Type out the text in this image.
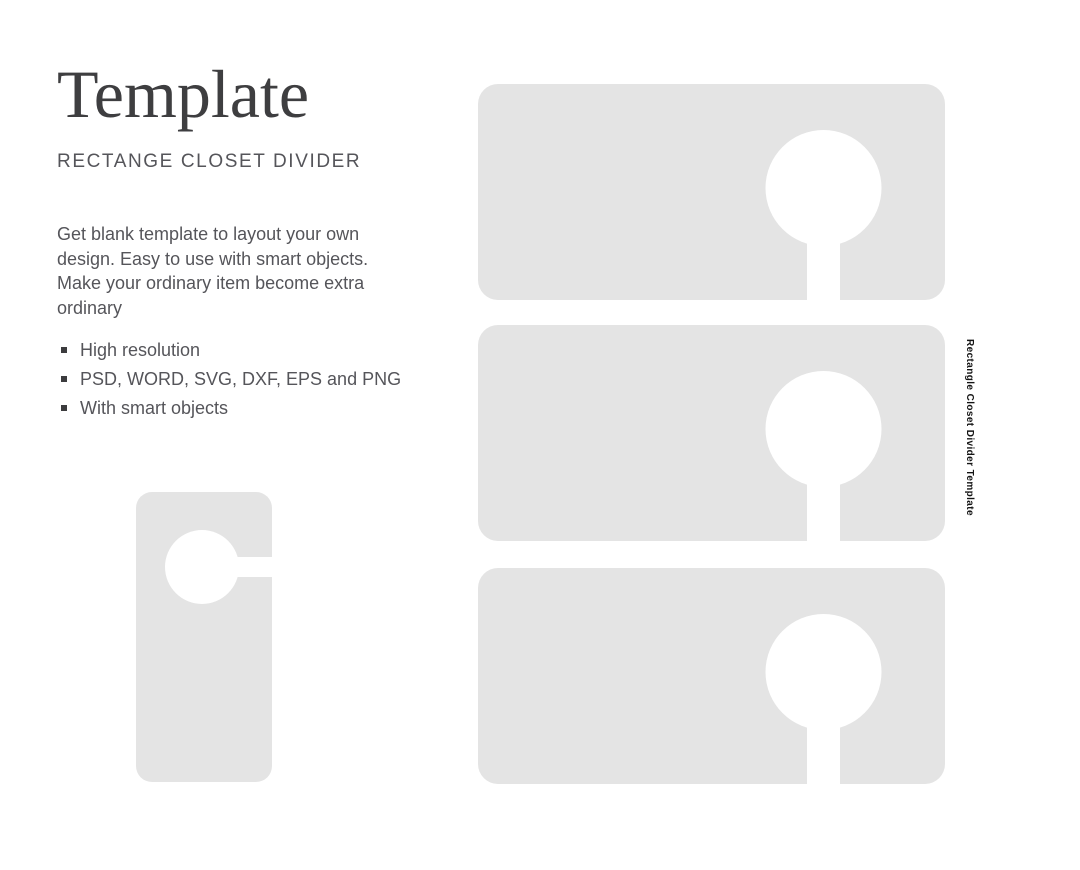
Template
RECTANGE CLOSET DIVIDER

Get blank template to layout your own design. Easy to use with smart objects. Make your ordinary item become extra ordinary

High resolution
PSD, WORD, SVG, DXF, EPS and PNG
With smart objects	Rectangle Closet Divider Template
